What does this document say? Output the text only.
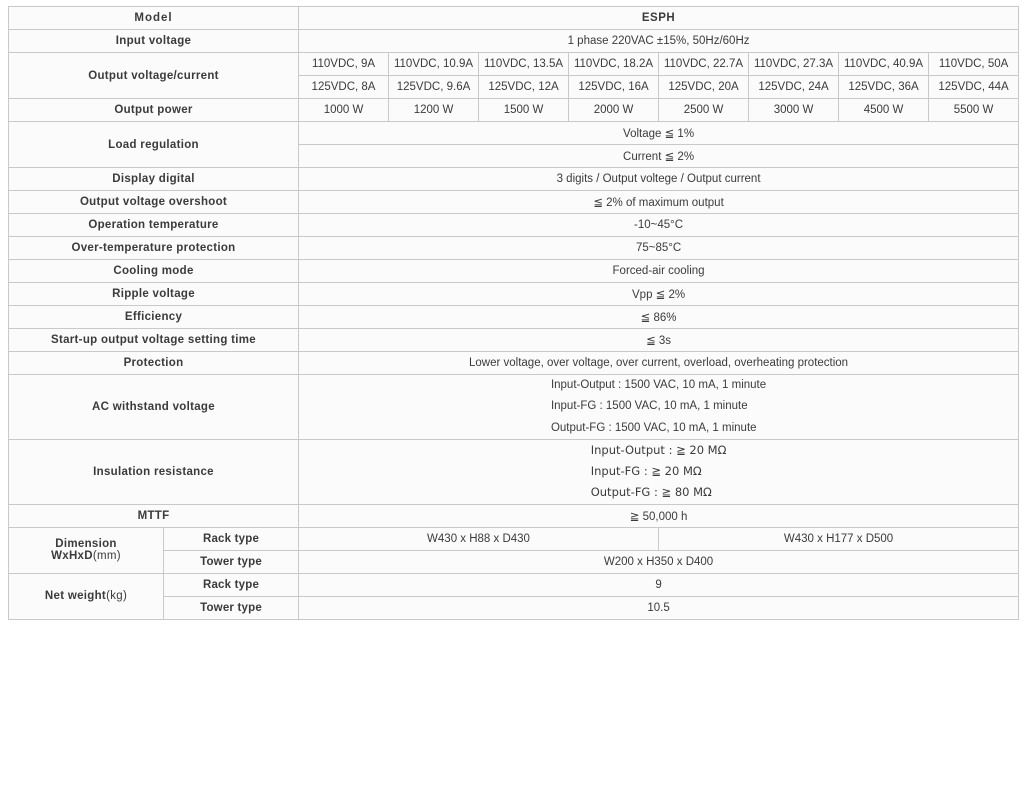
Model		ESPH							
Input voltage		1 phase 220VAC ±15%, 50Hz/60Hz							
Output voltage/current		110VDC, 9A	110VDC, 10.9A	110VDC, 13.5A	110VDC, 18.2A	110VDC, 22.7A	110VDC, 27.3A	110VDC, 40.9A	110VDC, 50A
		125VDC, 8A	125VDC, 9.6A	125VDC, 12A	125VDC, 16A	125VDC, 20A	125VDC, 24A	125VDC, 36A	125VDC, 44A
Output power		1000 W	1200 W	1500 W	2000 W	2500 W	3000 W	4500 W	5500 W
Load regulation		Voltage ≦ 1%							
		Current ≦ 2%							
Display digital		3 digits / Output voltege / Output current							
Output voltage overshoot		≦ 2% of maximum output							
Operation temperature		-10~45°C							
Over-temperature protection		75~85°C							
Cooling mode		Forced-air cooling							
Ripple voltage		Vpp ≦ 2%							
Efficiency		≦ 86%							
Start-up output voltage setting time		≦ 3s							
Protection		Lower voltage, over voltage, over current, overload, overheating protection							
AC withstand voltage		Input-Output : 1500 VAC, 10 mA, 1 minute
Input-FG : 1500 VAC, 10 mA, 1 minute
Output-FG : 1500 VAC, 10 mA, 1 minute							
Insulation resistance		Input-Output : ≧ 20 MΩ
Input-FG : ≧ 20 MΩ
Output-FG : ≧ 80 MΩ							
MTTF		≧ 50,000 h							

Dimension
WxHxD(mm)	Rack type	W430 x H88 x D430				W430 x H177 x D500			
	Tower type	W200 x H350 x D400							
Net weight(kg)	Rack type	9							
	Tower type	10.5							
